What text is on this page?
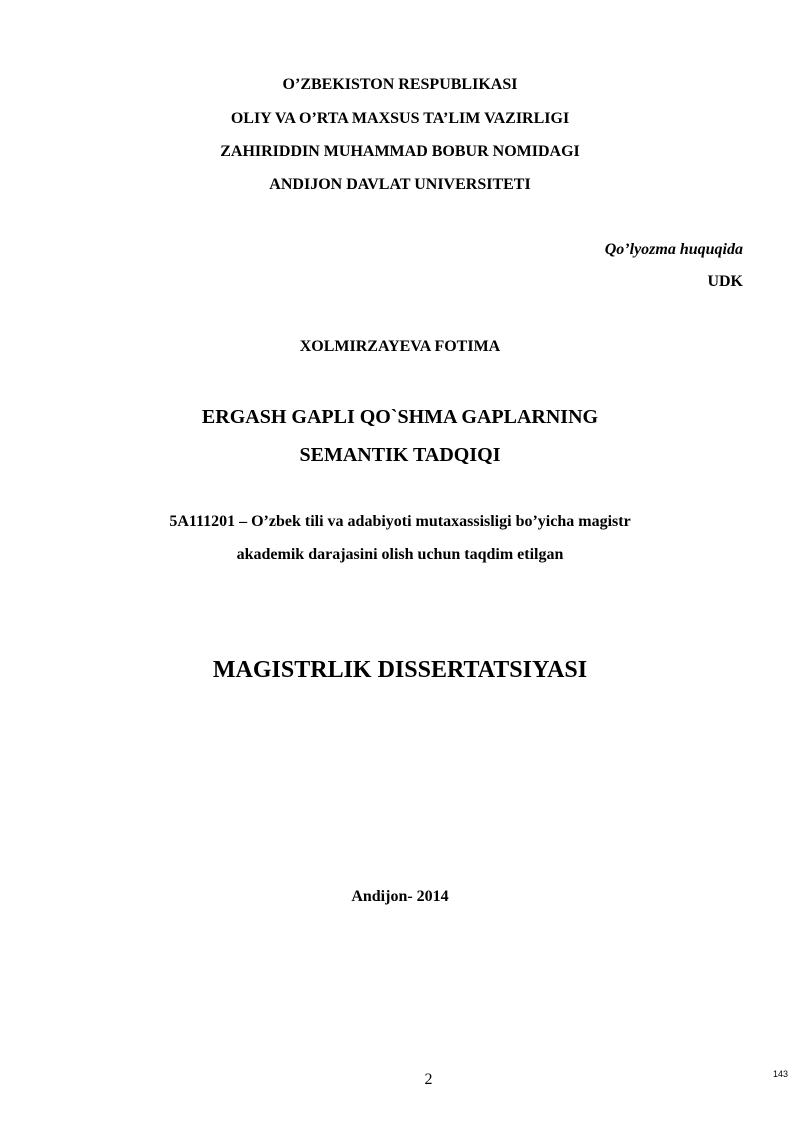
O’ZBEKISTON RESPUBLIKASI
OLIY VA O’RTA MAXSUS TA’LIM VAZIRLIGI
ZAHIRIDDIN MUHAMMAD BOBUR NOMIDAGI
ANDIJON DAVLAT UNIVERSITETI
Qo’lyozma huquqida
UDK
XOLMIRZAYEVA FOTIMA
ERGASH GAPLI QO`SHMA GAPLARNING
SEMANTIK TADQIQI
5A111201 – O’zbek tili va adabiyoti mutaxassisligi bo’yicha magistr
akademik darajasini olish uchun taqdim etilgan
MAGISTRLIK DISSERTATSIYASI
Andijon- 2014
2	143
